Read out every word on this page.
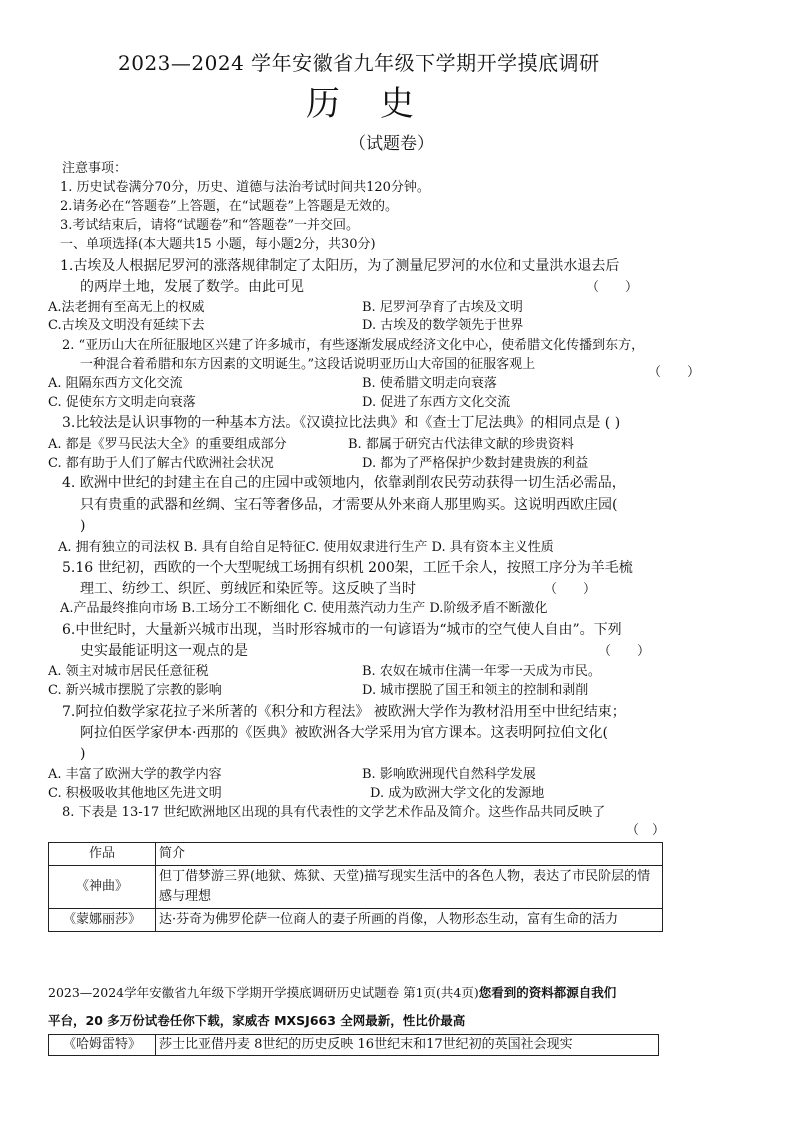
2023—2024 学年安徽省九年级下学期开学摸底调研
历史
（试题卷）
注意事项：
1. 历史试卷满分70分，历史、道德与法治考试时间共120分钟。
2.请务必在“答题卷”上答题，在“试题卷”上答题是无效的。
3.考试结束后，请将“试题卷”和“答题卷”一并交回。
一、单项选择(本大题共15 小题，每小题2分，共30分)
1.古埃及人根据尼罗河的涨落规律制定了太阳历，为了测量尼罗河的水位和丈量洪水退去后
的两岸土地，发展了数学。由此可见	（　　）
A.法老拥有至高无上的权威	B. 尼罗河孕育了古埃及文明
C.古埃及文明没有延续下去	D. 古埃及的数学领先于世界
2. “亚历山大在所征服地区兴建了许多城市，有些逐渐发展成经济文化中心，使希腊文化传播到东方，
一种混合着希腊和东方因素的文明诞生。”这段话说明亚历山大帝国的征服客观上
（　　）
A. 阻隔东西方文化交流	B. 使希腊文明走向衰落
C. 促使东方文明走向衰落	D. 促进了东西方文化交流
3.比较法是认识事物的一种基本方法。《汉谟拉比法典》和《查士丁尼法典》的相同点是 ( )
A. 都是《罗马民法大全》的重要组成部分	B. 都属于研究古代法律文献的珍贵资料
C. 都有助于人们了解古代欧洲社会状况	D. 都为了严格保护少数封建贵族的利益
4. 欧洲中世纪的封建主在自己的庄园中或领地内，依靠剥削农民劳动获得一切生活必需品，
只有贵重的武器和丝绸、宝石等奢侈品，才需要从外来商人那里购买。这说明西欧庄园(
)
A. 拥有独立的司法权 B. 具有自给自足特征C. 使用奴隶进行生产 D. 具有资本主义性质
5.16 世纪初，西欧的一个大型呢绒工场拥有织机 200架，工匠千余人，按照工序分为羊毛梳
理工、纺纱工、织匠、剪绒匠和染匠等。这反映了当时	（　　）
A.产品最终推向市场 B.工场分工不断细化 C. 使用蒸汽动力生产 D.阶级矛盾不断激化
6.中世纪时，大量新兴城市出现，当时形容城市的一句谚语为“城市的空气使人自由”。下列
史实最能证明这一观点的是	（　　）
A. 领主对城市居民任意征税	B. 农奴在城市住满一年零一天成为市民。
C. 新兴城市摆脱了宗教的影响	D. 城市摆脱了国王和领主的控制和剥削
7.阿拉伯数学家花拉子米所著的《积分和方程法》 被欧洲大学作为教材沿用至中世纪结束；
阿拉伯医学家伊本·西那的《医典》被欧洲各大学采用为官方课本。这表明阿拉伯文化(
)
A. 丰富了欧洲大学的教学内容	B. 影响欧洲现代自然科学发展
C. 积极吸收其他地区先进文明	D. 成为欧洲大学文化的发源地
8. 下表是 13-17 世纪欧洲地区出现的具有代表性的文学艺术作品及简介。这些作品共同反映了
（　）
作品	简介
《神曲》	但丁借梦游三界(地狱、炼狱、天堂)描写现实生活中的各色人物，表达了市民阶层的情感与理想
《蒙娜丽莎》	达·芬奇为佛罗伦萨一位商人的妻子所画的肖像，人物形态生动，富有生命的活力
2023—2024学年安徽省九年级下学期开学摸底调研历史试题卷 第1页(共4页)您看到的资料都源自我们
平台，20 多万份试卷任你下载，家威杏 MXSJ663 全网最新，性比价最高
《哈姆雷特》	莎士比亚借丹麦 8世纪的历史反映 16世纪末和17世纪初的英国社会现实
